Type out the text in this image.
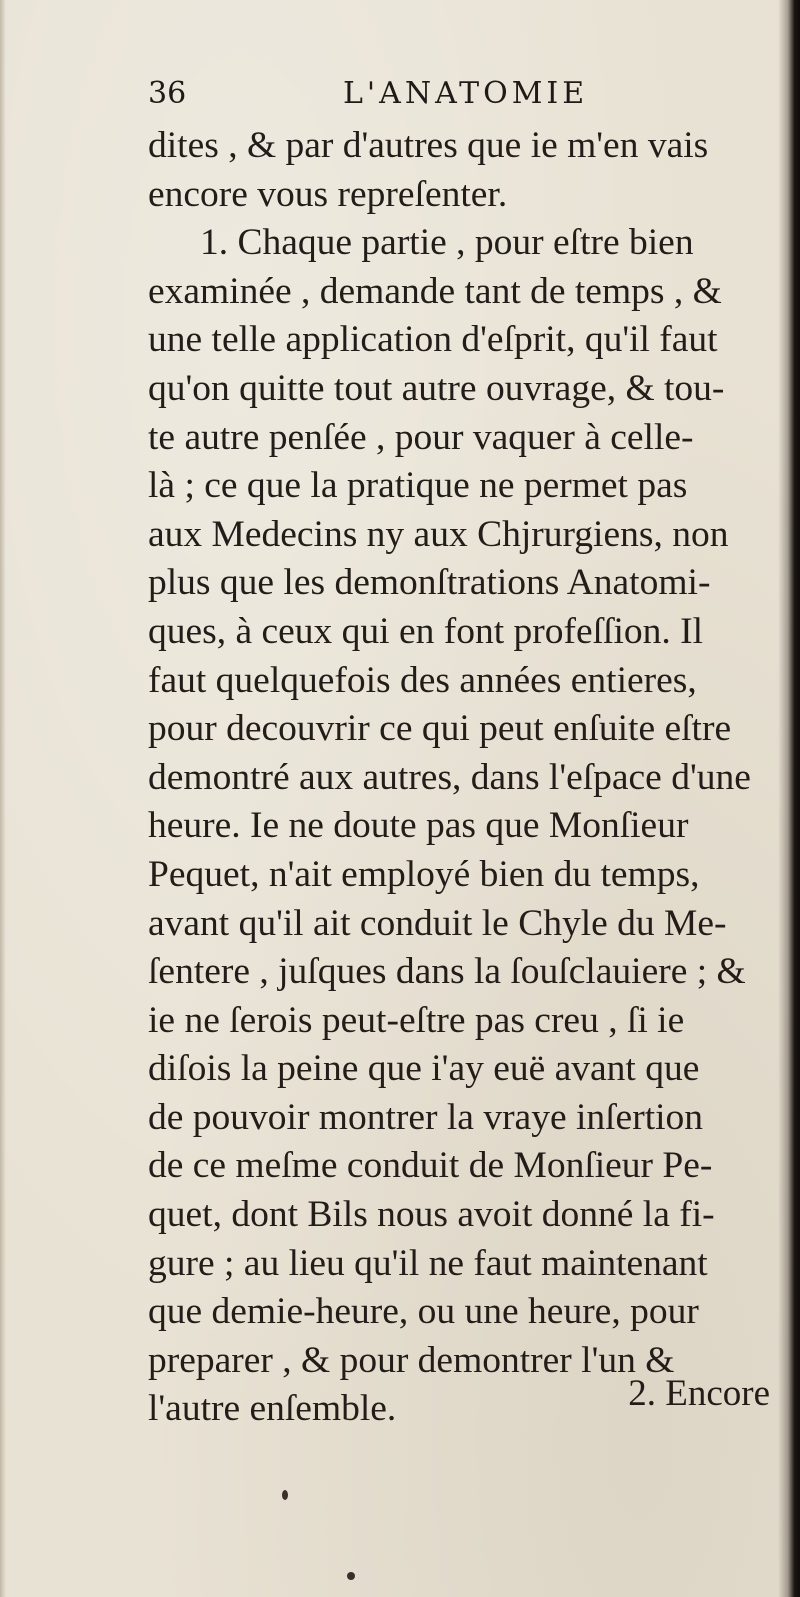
36	L'ANATOMIE
dites , & par d'autres que ie m'en vais
encore vous repreſenter.
1. Chaque partie , pour eſtre bien
examinée , demande tant de temps , &
une telle application d'eſprit, qu'il faut
qu'on quitte tout autre ouvrage, & tou-
te autre penſée , pour vaquer à celle-
là ; ce que la pratique ne permet pas
aux Medecins ny aux Chjrurgiens, non
plus que les demonſtrations Anatomi-
ques, à ceux qui en font profeſſion. Il
faut quelquefois des années entieres,
pour decouvrir ce qui peut enſuite eſtre
demontré aux autres, dans l'eſpace d'une
heure. Ie ne doute pas que Monſieur
Pequet, n'ait employé bien du temps,
avant qu'il ait conduit le Chyle du Me-
ſentere , juſques dans la ſouſclauiere ; &
ie ne ſerois peut-eſtre pas creu , ſi ie
diſois la peine que i'ay euë avant que
de pouvoir montrer la vraye inſertion
de ce meſme conduit de Monſieur Pe-
quet, dont Bils nous avoit donné la fi-
gure ; au lieu qu'il ne faut maintenant
que demie-heure, ou une heure, pour
preparer , & pour demontrer l'un &
l'autre enſemble.	2. Encore
